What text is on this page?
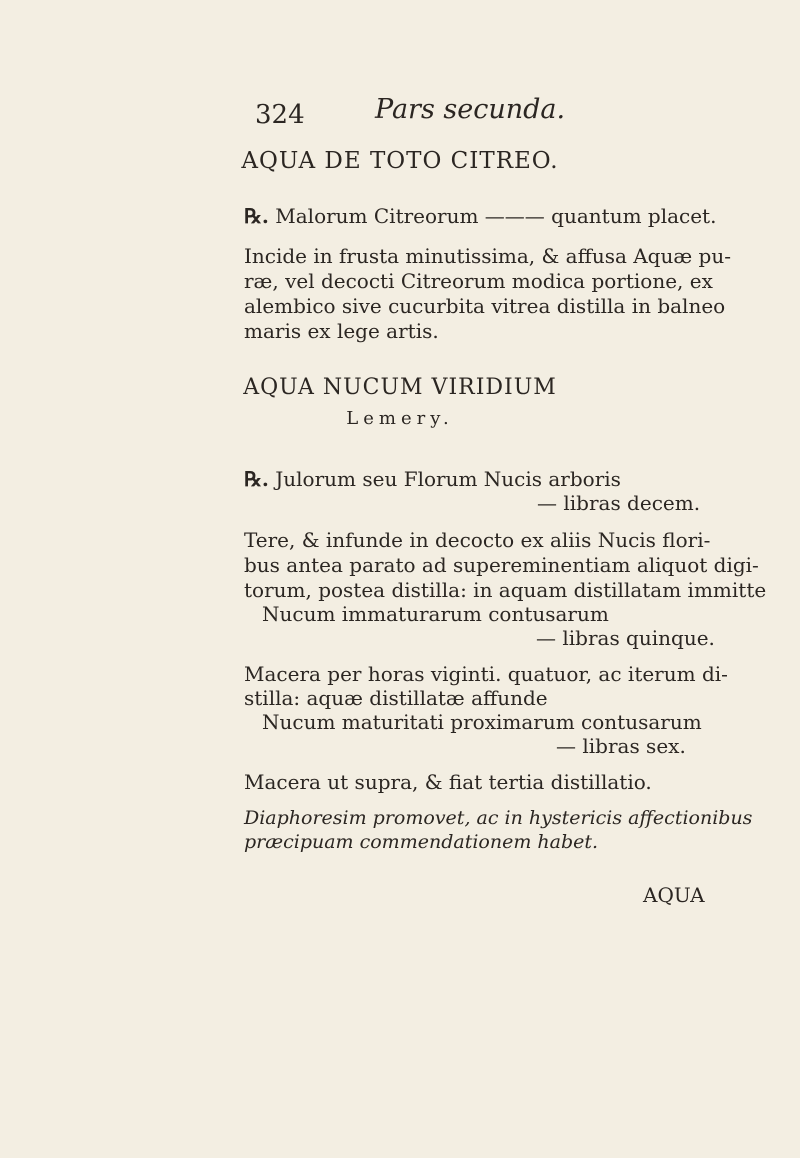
324	Pars secunda.
AQUA DE TOTO CITREO.
℞. Malorum Citreorum ——— quantum placet.
Incide in frusta minutissima, & affusa Aquæ pu-
ræ, vel decocti Citreorum modica portione, ex
alembico sive cucurbita vitrea distilla in balneo
maris ex lege artis.
AQUA NUCUM VIRIDIUM
Lemery.
℞. Julorum seu Florum Nucis arboris
— libras decem.
Tere, & infunde in decocto ex aliis Nucis flori-
bus antea parato ad supereminentiam aliquot digi-
torum, postea distilla: in aquam distillatam immitte
Nucum immaturarum contusarum
— libras quinque.
Macera per horas viginti. quatuor, ac iterum di-
stilla: aquæ distillatæ affunde
Nucum maturitati proximarum contusarum
— libras sex.
Macera ut supra, & fiat tertia distillatio.
Diaphoresim promovet, ac in hystericis affectionibus
præcipuam commendationem habet.
AQUA
